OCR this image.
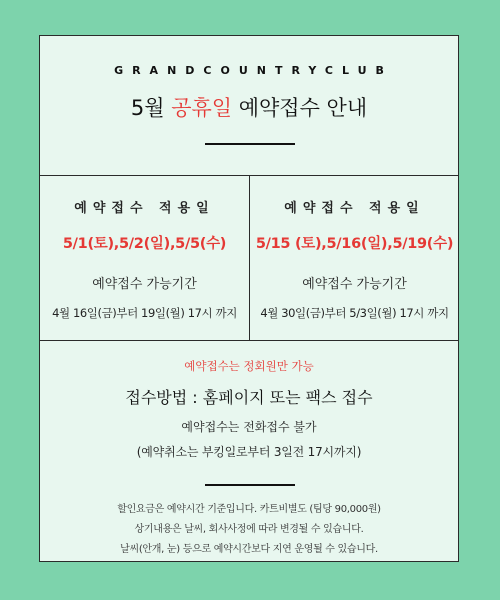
GRANDCOUNTRYCLUB
5월 공휴일 예약접수 안내
예약접수 적용일
5/1(토),5/2(일),5/5(수)
예약접수 가능기간
4월 16일(금)부터 19일(월) 17시 까지
예약접수 적용일
5/15 (토),5/16(일),5/19(수)
예약접수 가능기간
4월 30일(금)부터 5/3일(월) 17시 까지
예약접수는 정회원만 가능
접수방법 : 홈페이지 또는 팩스 접수
예약접수는 전화접수 불가
(예약취소는 부킹일로부터 3일전 17시까지)
할인요금은 예약시간 기준입니다. 카트비별도 (팀당 90,000원)
상기내용은 날씨, 회사사정에 따라 변경될 수 있습니다.
날씨(안개, 눈) 등으로 예약시간보다 지연 운영될 수 있습니다.
